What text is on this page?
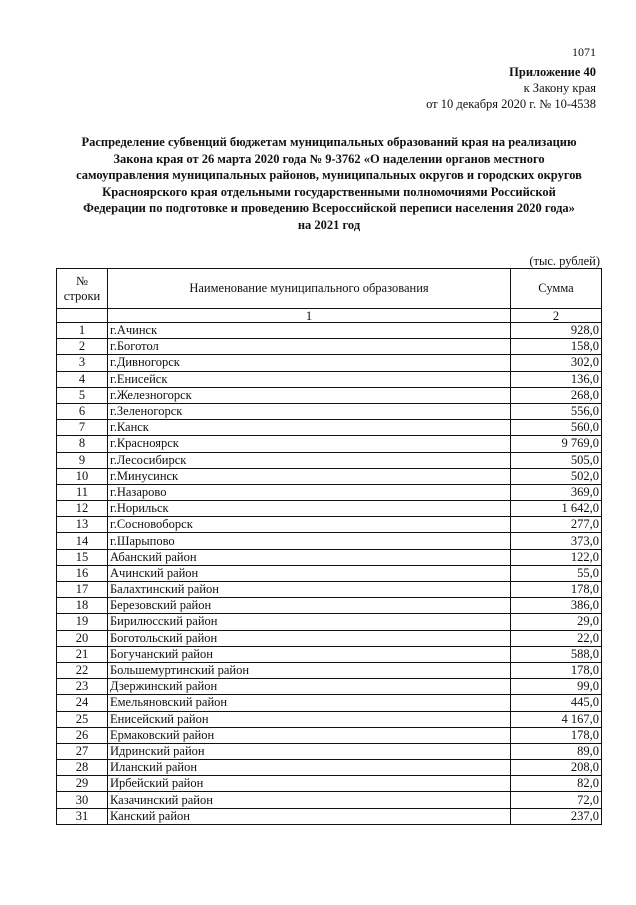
1071
Приложение 40
к Закону края
от 10 декабря 2020 г. № 10-4538
Распределение субвенций бюджетам муниципальных образований края на реализацию
Закона края от 26 марта 2020 года № 9-3762 «О наделении органов местного
самоуправления муниципальных районов, муниципальных округов и городских округов
Красноярского края отдельными государственными полномочиями Российской
Федерации по подготовке и проведению Всероссийской переписи населения 2020 года»
на 2021 год
(тыс. рублей)
№ строки	Наименование муниципального образования	Сумма
	1	2
1	г.Ачинск	928,0
2	г.Боготол	158,0
3	г.Дивногорск	302,0
4	г.Енисейск	136,0
5	г.Железногорск	268,0
6	г.Зеленогорск	556,0
7	г.Канск	560,0
8	г.Красноярск	9 769,0
9	г.Лесосибирск	505,0
10	г.Минусинск	502,0
11	г.Назарово	369,0
12	г.Норильск	1 642,0
13	г.Сосновоборск	277,0
14	г.Шарыпово	373,0
15	Абанский район	122,0
16	Ачинский район	55,0
17	Балахтинский район	178,0
18	Березовский район	386,0
19	Бирилюсский район	29,0
20	Боготольский район	22,0
21	Богучанский район	588,0
22	Большемуртинский район	178,0
23	Дзержинский район	99,0
24	Емельяновский район	445,0
25	Енисейский район	4 167,0
26	Ермаковский район	178,0
27	Идринский район	89,0
28	Иланский район	208,0
29	Ирбейский район	82,0
30	Казачинский район	72,0
31	Канский район	237,0
